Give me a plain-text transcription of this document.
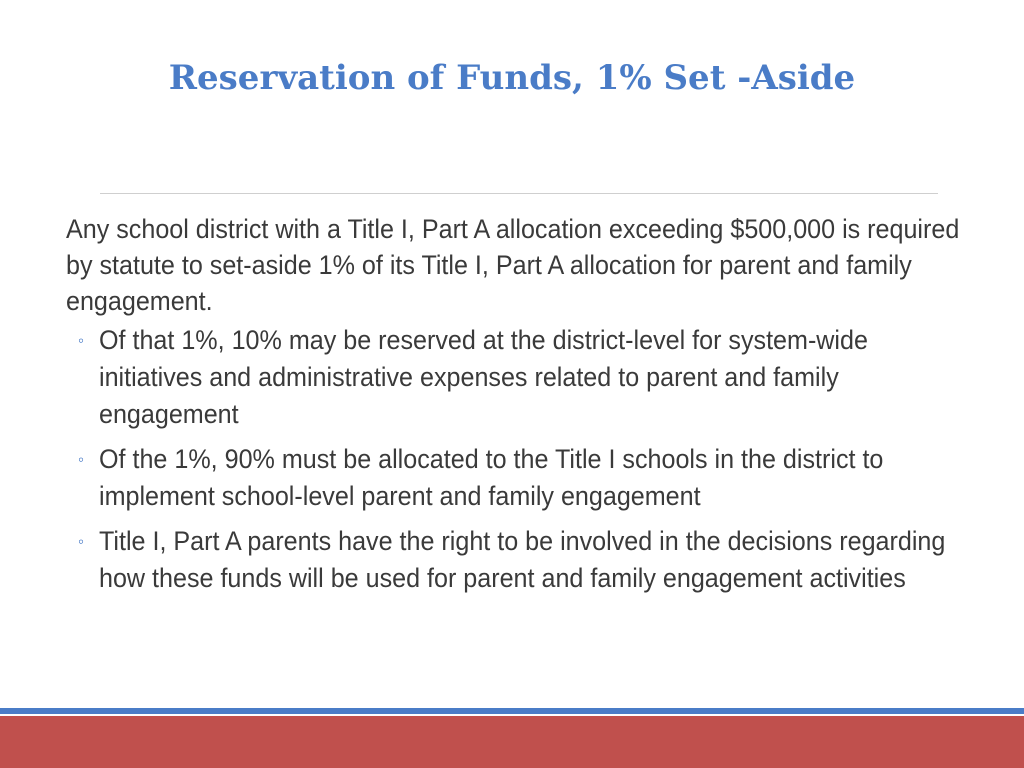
Reservation of Funds, 1% Set -Aside

Any school district with a Title I, Part A allocation exceeding $500,000 is required by statute to set-aside 1% of its Title I, Part A allocation for parent and family engagement.

◦ Of that 1%, 10% may be reserved at the district-level for system-wide initiatives and administrative expenses related to parent and family engagement
◦ Of the 1%, 90% must be allocated to the Title I schools in the district to implement school-level parent and family engagement
◦ Title I, Part A parents have the right to be involved in the decisions regarding how these funds will be used for parent and family engagement activities
